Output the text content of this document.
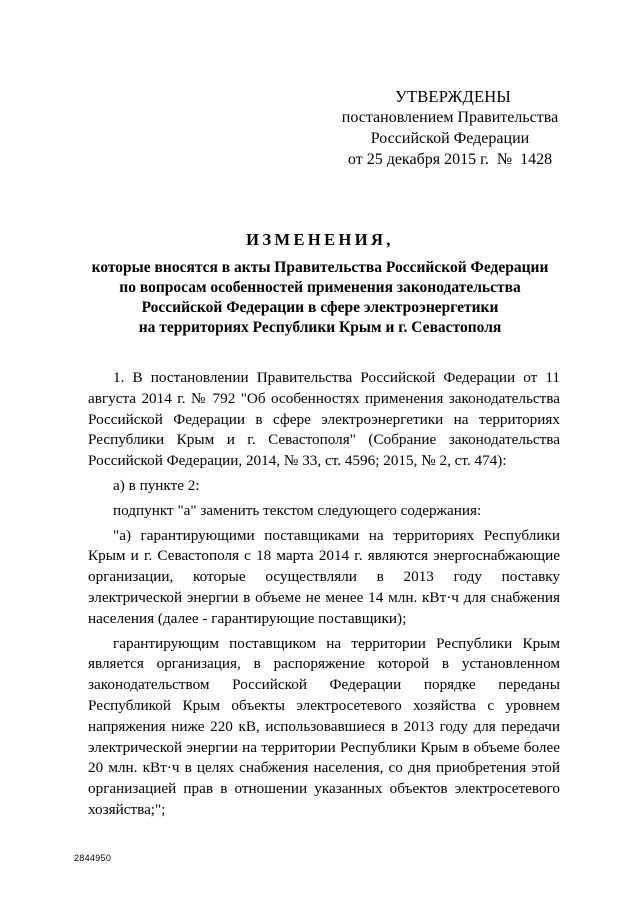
УТВЕРЖДЕНЫ
постановлением Правительства
Российской Федерации
от 25 декабря 2015 г.  №  1428
ИЗМЕНЕНИЯ,
которые вносятся в акты Правительства Российской Федерации
по вопросам особенностей применения законодательства
Российской Федерации в сфере электроэнергетики
на территориях Республики Крым и г. Севастополя

1. В постановлении Правительства Российской Федерации от 11 августа 2014 г. № 792 "Об особенностях применения законодательства Российской Федерации в сфере электроэнергетики на территориях Республики Крым и г. Севастополя" (Собрание законодательства Российской Федерации, 2014, № 33, ст. 4596; 2015, № 2, ст. 474):

а) в пункте 2:

подпункт "а" заменить текстом следующего содержания:

"а) гарантирующими поставщиками на территориях Республики Крым и г. Севастополя с 18 марта 2014 г. являются энергоснабжающие организации, которые осуществляли в 2013 году поставку электрической энергии в объеме не менее 14 млн. кВт·ч для снабжения населения (далее - гарантирующие поставщики);

гарантирующим поставщиком на территории Республики Крым является организация, в распоряжение которой в установленном законодательством Российской Федерации порядке переданы Республикой Крым объекты электросетевого хозяйства с уровнем напряжения ниже 220 кВ, использовавшиеся в 2013 году для передачи электрической энергии на территории Республики Крым в объеме более 20 млн. кВт·ч в целях снабжения населения, со дня приобретения этой организацией прав в отношении указанных объектов электросетевого хозяйства;";

2844950
